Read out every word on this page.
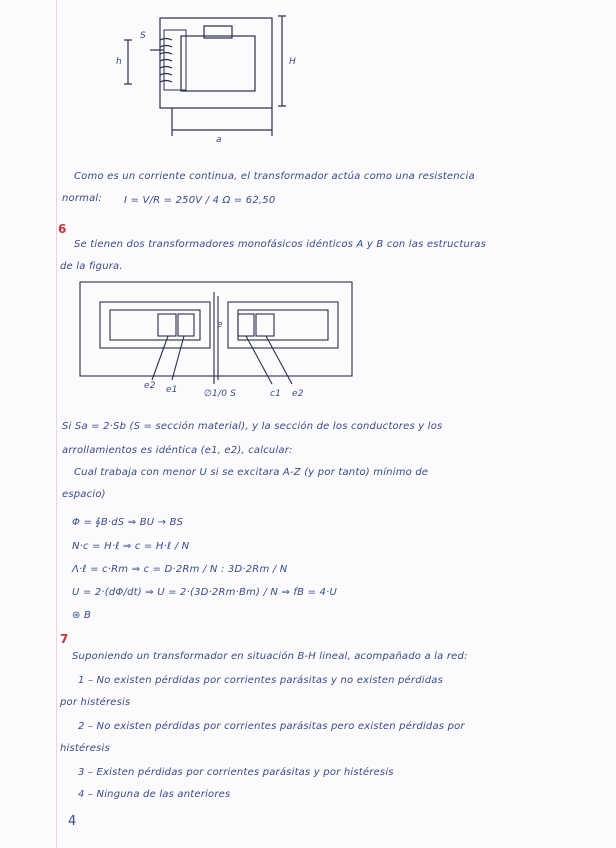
S
h	H
a
Como es un corriente continua, el transformador actúa como una resistencia
normal: I = V/R = 250V / 4 Ω = 62,50
6
Se tienen dos transformadores monofásicos idénticos A y B con las estructuras
de la figura.
e2 e1	∅1/0 S	c1 e2
e
Si Sa = 2·Sb (S = sección material), y la sección de los conductores y los
arrollamientos es idéntica (e1, e2), calcular:
Cual trabaja con menor U si se excitara A-Z (y por tanto) mínimo de
espacio)
Φ = ∮B·dS ⇒ BU → BS
N·c = H·ℓ ⇒ c = H·ℓ / N
Λ·ℓ = c·Rm ⇒ c = D·2Rm / N : 3D·2Rm / N
U = 2·(dΦ/dt) ⇒ U = 2·(3D·2Rm·Bm) / N ⇒ fB = 4·U
⊛ B
7
Suponiendo un transformador en situación B-H lineal, acompañado a la red:
1 – No existen pérdidas por corrientes parásitas y no existen pérdidas
por histéresis
2 – No existen pérdidas por corrientes parásitas pero existen pérdidas por
histéresis
3 – Existen pérdidas por corrientes parásitas y por histéresis
4 – Ninguna de las anteriores
4
